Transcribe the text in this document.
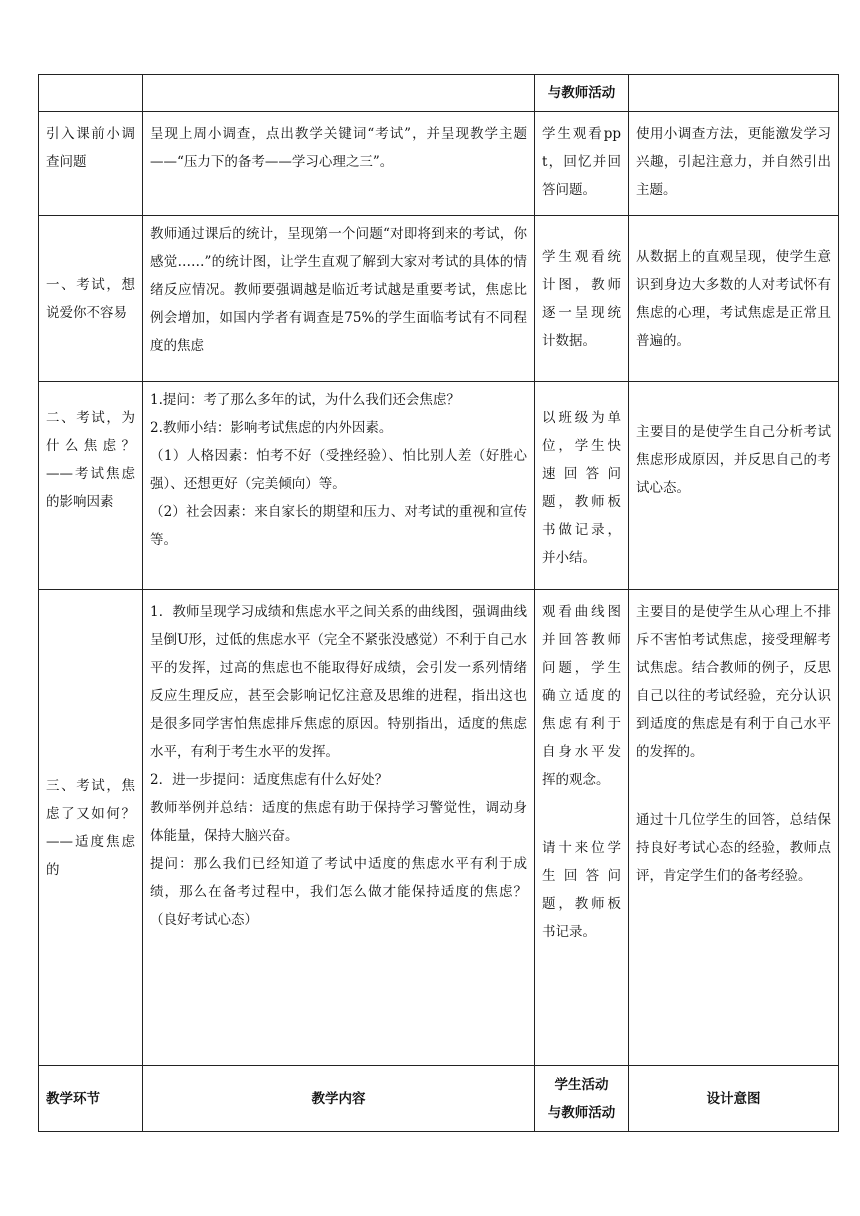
		与教师活动	
引入课前小调查问题	呈现上周小调查，点出教学关键词“考试”，并呈现教学主题——“压力下的备考——学习心理之三”。	学生观看ppt，回忆并回答问题。	使用小调查方法，更能激发学习兴趣，引起注意力，并自然引出主题。
一、考试，想说爱你不容易	教师通过课后的统计，呈现第一个问题“对即将到来的考试，你感觉……”的统计图，让学生直观了解到大家对考试的具体的情绪反应情况。教师要强调越是临近考试越是重要考试，焦虑比例会增加，如国内学者有调查是75%的学生面临考试有不同程度的焦虑	学生观看统计图，教师逐一呈现统计数据。	从数据上的直观呈现，使学生意识到身边大多数的人对考试怀有焦虑的心理，考试焦虑是正常且普遍的。
二、考试，为什么焦虑？——考试焦虑的影响因素	1.提问：考了那么多年的试，为什么我们还会焦虑？
2.教师小结：影响考试焦虑的内外因素。
（1）人格因素：怕考不好（受挫经验）、怕比别人差（好胜心强）、还想更好（完美倾向）等。
（2）社会因素：来自家长的期望和压力、对考试的重视和宣传等。	以班级为单位，学生快速回答问题，教师板书做记录，并小结。	主要目的是使学生自己分析考试焦虑形成原因，并反思自己的考试心态。
三、考试，焦虑了又如何？——适度焦虑的	1．教师呈现学习成绩和焦虑水平之间关系的曲线图，强调曲线呈倒U形，过低的焦虑水平（完全不紧张没感觉）不利于自己水平的发挥，过高的焦虑也不能取得好成绩，会引发一系列情绪反应生理反应，甚至会影响记忆注意及思维的进程，指出这也是很多同学害怕焦虑排斥焦虑的原因。特别指出，适度的焦虑水平，有利于考生水平的发挥。
2．进一步提问：适度焦虑有什么好处？
教师举例并总结：适度的焦虑有助于保持学习警觉性，调动身体能量，保持大脑兴奋。
提问：那么我们已经知道了考试中适度的焦虑水平有利于成绩，那么在备考过程中，我们怎么做才能保持适度的焦虑？（良好考试心态）	观看曲线图并回答教师问题，学生确立适度的焦虑有利于自身水平发挥的观念。
请十来位学生回答问题，教师板书记录。	主要目的是使学生从心理上不排斥不害怕考试焦虑，接受理解考试焦虑。结合教师的例子，反思自己以往的考试经验，充分认识到适度的焦虑是有利于自己水平的发挥的。
通过十几位学生的回答，总结保持良好考试心态的经验，教师点评，肯定学生们的备考经验。

教学环节	教学内容	学生活动
与教师活动	设计意图
